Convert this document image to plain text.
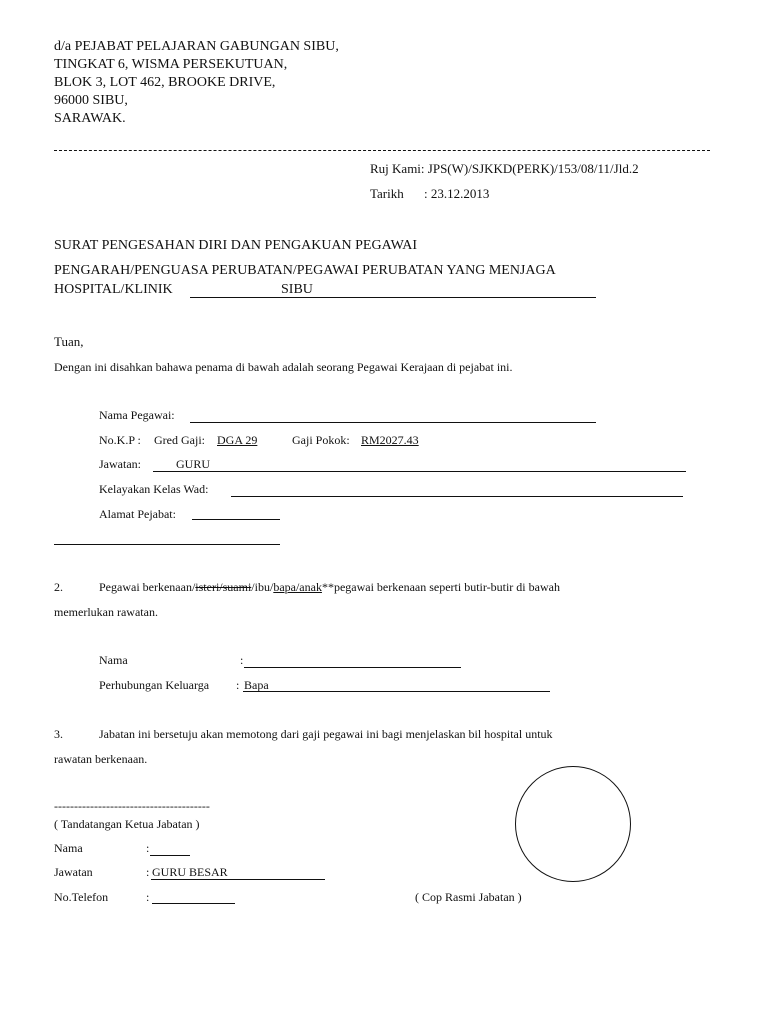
d/a PEJABAT PELAJARAN GABUNGAN SIBU,
TINGKAT 6, WISMA PERSEKUTUAN,
BLOK 3, LOT 462, BROOKE DRIVE,
96000 SIBU,
SARAWAK.
Ruj Kami: JPS(W)/SJKKD(PERK)/153/08/11/Jld.2
Tarikh : 23.12.2013
SURAT PENGESAHAN DIRI DAN PENGAKUAN PEGAWAI
PENGARAH/PENGUASA PERUBATAN/PEGAWAI PERUBATAN YANG MENJAGA
HOSPITAL/KLINIK	SIBU
Tuan,
Dengan ini disahkan bahawa penama di bawah adalah seorang Pegawai Kerajaan di pejabat ini.
Nama Pegawai:
No.K.P : Gred Gaji: DGA 29	Gaji Pokok: RM2027.43
Jawatan:	GURU
Kelayakan Kelas Wad:
Alamat Pejabat:
2.	Pegawai berkenaan/isteri/suami/ibu/bapa/anak**pegawai berkenaan seperti butir-butir di bawah
memerlukan rawatan.
Nama	:
Perhubungan Keluarga : Bapa
3.	Jabatan ini bersetuju akan memotong dari gaji pegawai ini bagi menjelaskan bil hospital untuk
rawatan berkenaan.
---------------------------------------
( Tandatangan Ketua Jabatan )
Nama	:
Jawatan	: GURU BESAR
No.Telefon	:	( Cop Rasmi Jabatan )
